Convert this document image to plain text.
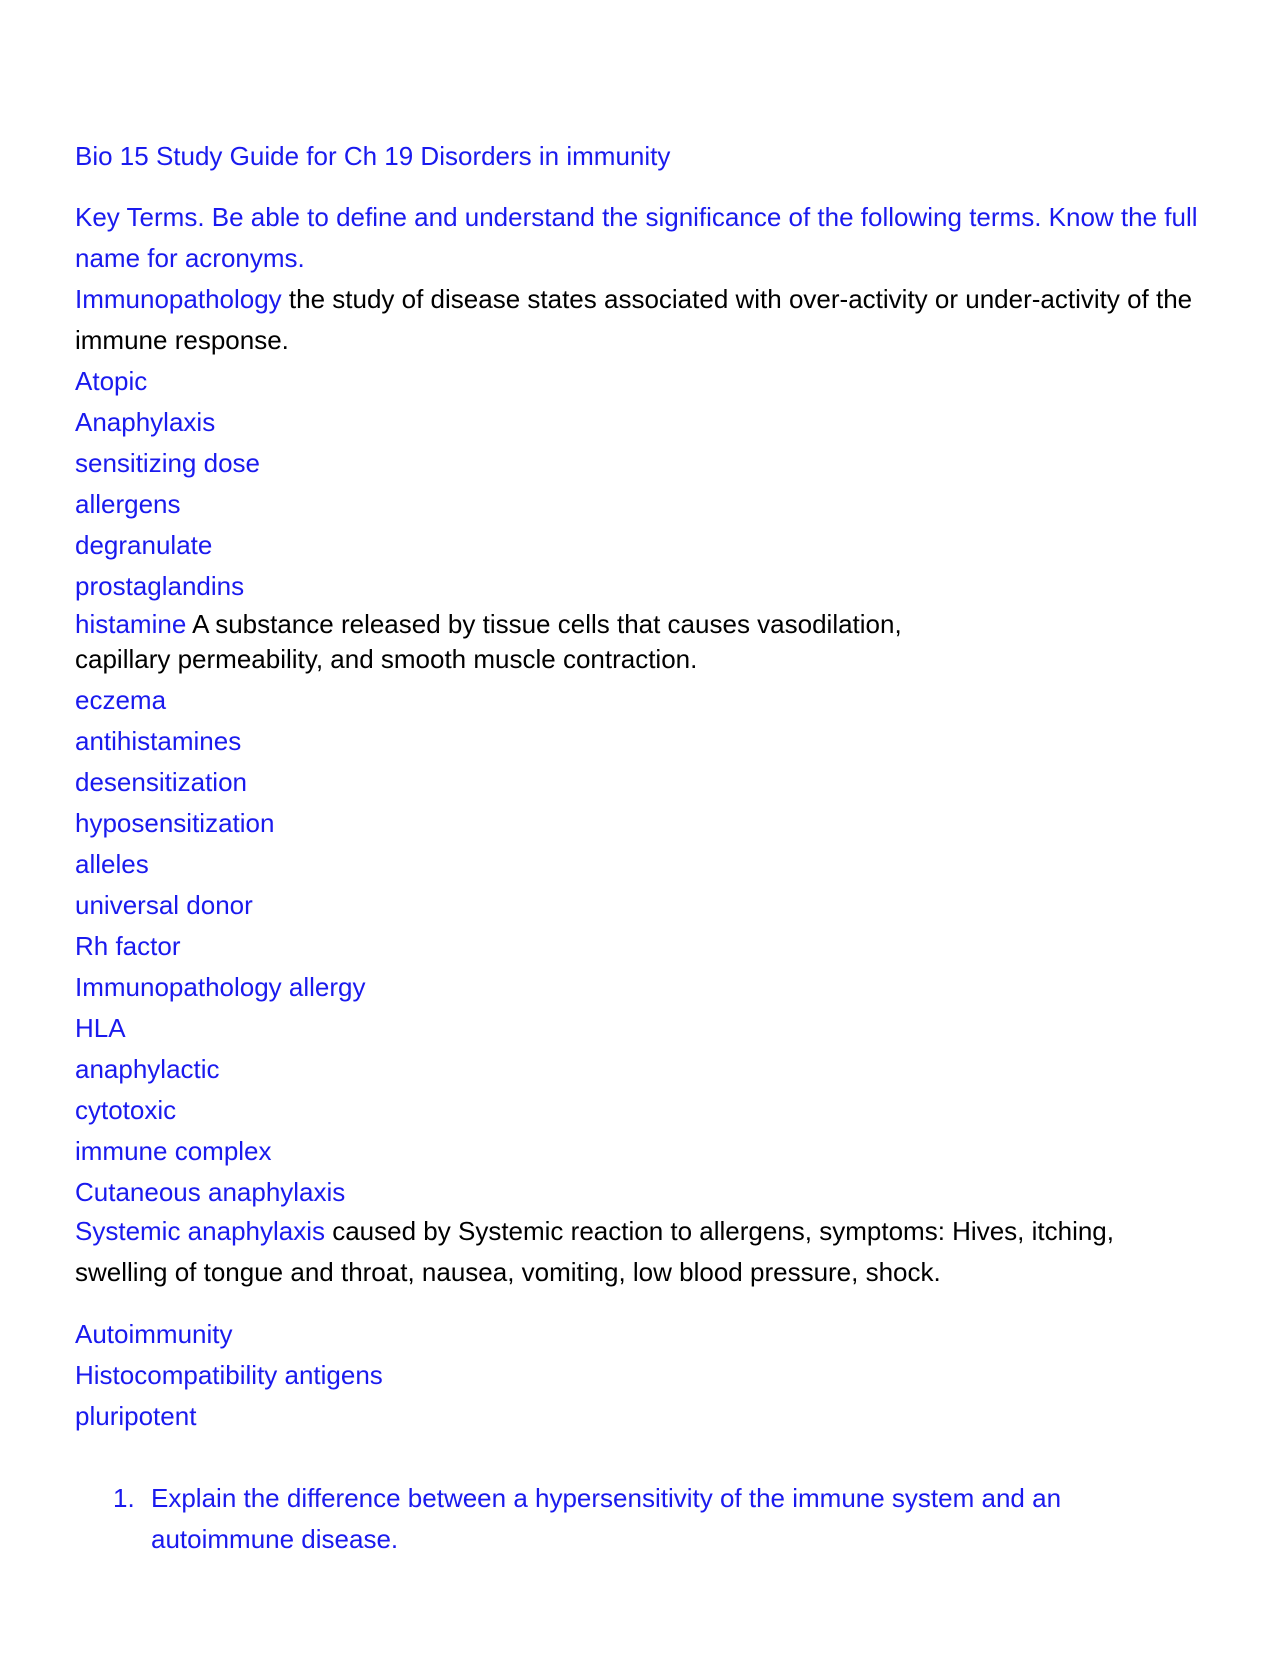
Bio 15 Study Guide for Ch 19 Disorders in immunity
Key Terms. Be able to define and understand the significance of the following terms. Know the full name for acronyms.
Immunopathology the study of disease states associated with over-activity or under-activity of the immune response.
Atopic
Anaphylaxis
sensitizing dose
allergens
degranulate
prostaglandins
histamine A substance released by tissue cells that causes vasodilation,
capillary permeability, and smooth muscle contraction.
eczema
antihistamines
desensitization
hyposensitization
alleles
universal donor
Rh factor
Immunopathology allergy
HLA
anaphylactic
cytotoxic
immune complex
Cutaneous anaphylaxis
Systemic anaphylaxis caused by Systemic reaction to allergens, symptoms: Hives, itching, swelling of tongue and throat, nausea, vomiting, low blood pressure, shock.
Autoimmunity
Histocompatibility antigens
pluripotent
1. Explain the difference between a hypersensitivity of the immune system and an autoimmune disease.
